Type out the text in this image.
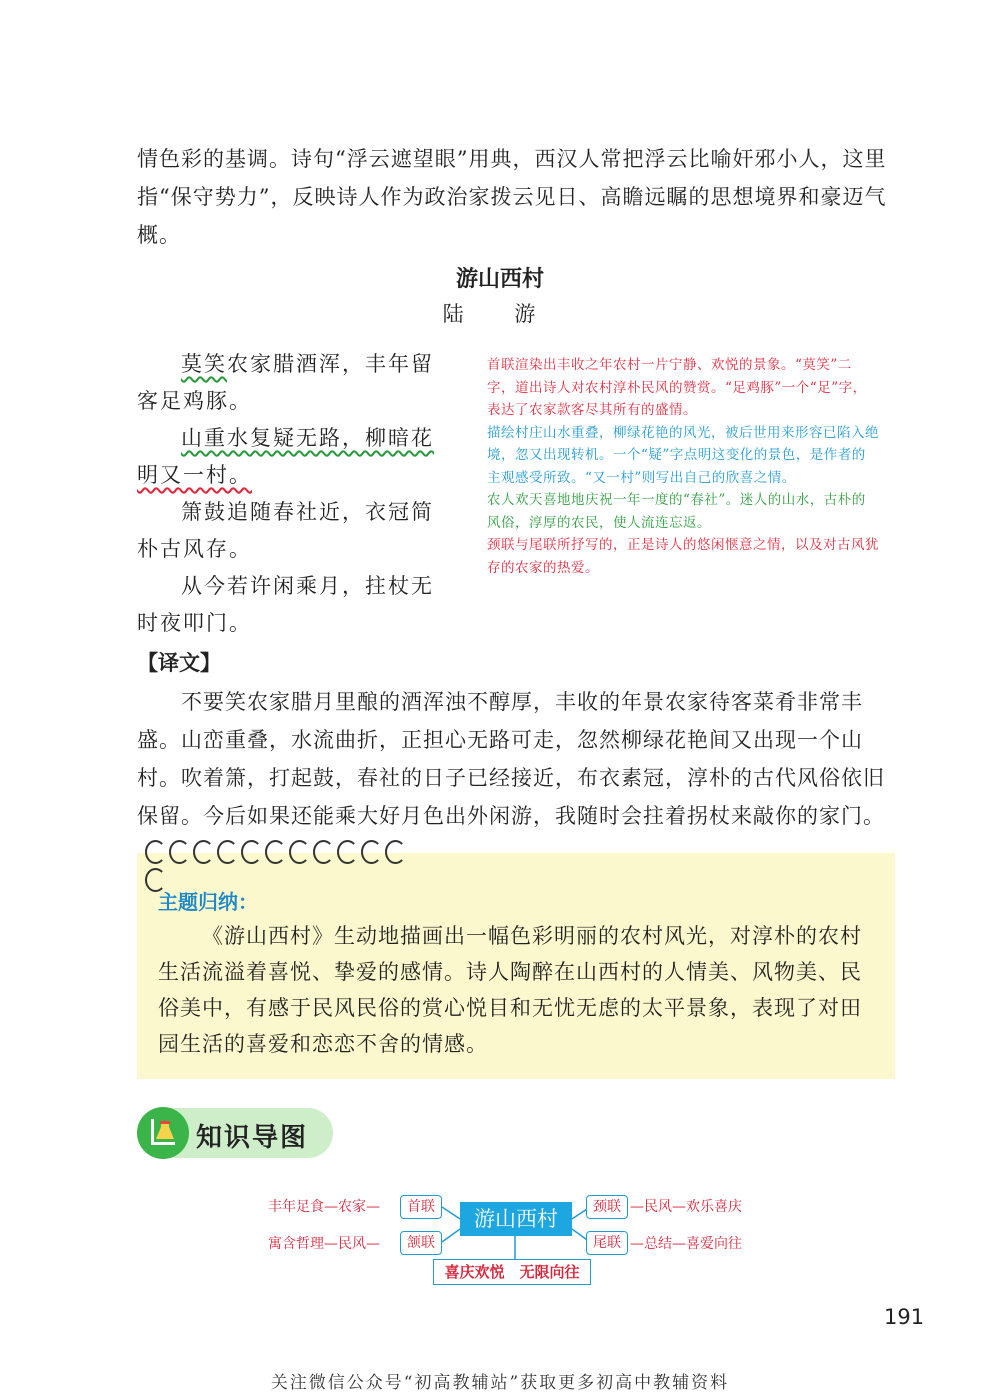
情色彩的基调。诗句“浮云遮望眼”用典，西汉人常把浮云比喻奸邪小人，这里指“保守势力”，反映诗人作为政治家拨云见日、高瞻远瞩的思想境界和豪迈气概。
游山西村
陆 游

莫笑农家腊酒浑，丰年留

客足鸡豚。

山重水复疑无路，柳暗花

明又一村。

箫鼓追随春社近，衣冠简

朴古风存。

从今若许闲乘月，拄杖无

时夜叩门。

首联渲染出丰收之年农村一片宁静、欢悦的景象。“莫笑”二字，道出诗人对农村淳朴民风的赞赏。“足鸡豚”一个“足”字，表达了农家款客尽其所有的盛情。

描绘村庄山水重叠，柳绿花艳的风光，被后世用来形容已陷入绝境，忽又出现转机。一个“疑”字点明这变化的景色，是作者的主观感受所致。“又一村”则写出自己的欣喜之情。

农人欢天喜地地庆祝一年一度的“春社”。迷人的山水，古朴的风俗，淳厚的农民，使人流连忘返。

颈联与尾联所抒写的，正是诗人的悠闲惬意之情，以及对古风犹存的农家的热爱。

【译文】
不要笑农家腊月里酿的酒浑浊不醇厚，丰收的年景农家待客菜肴非常丰盛。山峦重叠，水流曲折，正担心无路可走，忽然柳绿花艳间又出现一个山村。吹着箫，打起鼓，春社的日子已经接近，布衣素冠，淳朴的古代风俗依旧保留。今后如果还能乘大好月色出外闲游，我随时会拄着拐杖来敲你的家门。
主题归纳：
《游山西村》生动地描画出一幅色彩明丽的农村风光，对淳朴的农村生活流溢着喜悦、挚爱的感情。诗人陶醉在山西村的人情美、风物美、民俗美中，有感于民风民俗的赏心悦目和无忧无虑的太平景象，表现了对田园生活的喜爱和恋恋不舍的情感。
知识导图
丰年足食—农家—	首联
寓含哲理—民风—	颔联
游山西村	颈联 —民风—欢乐喜庆
尾联 —总结—喜爱向往
喜庆欢悦　无限向往
191
关注微信公众号“初高教辅站”获取更多初高中教辅资料
